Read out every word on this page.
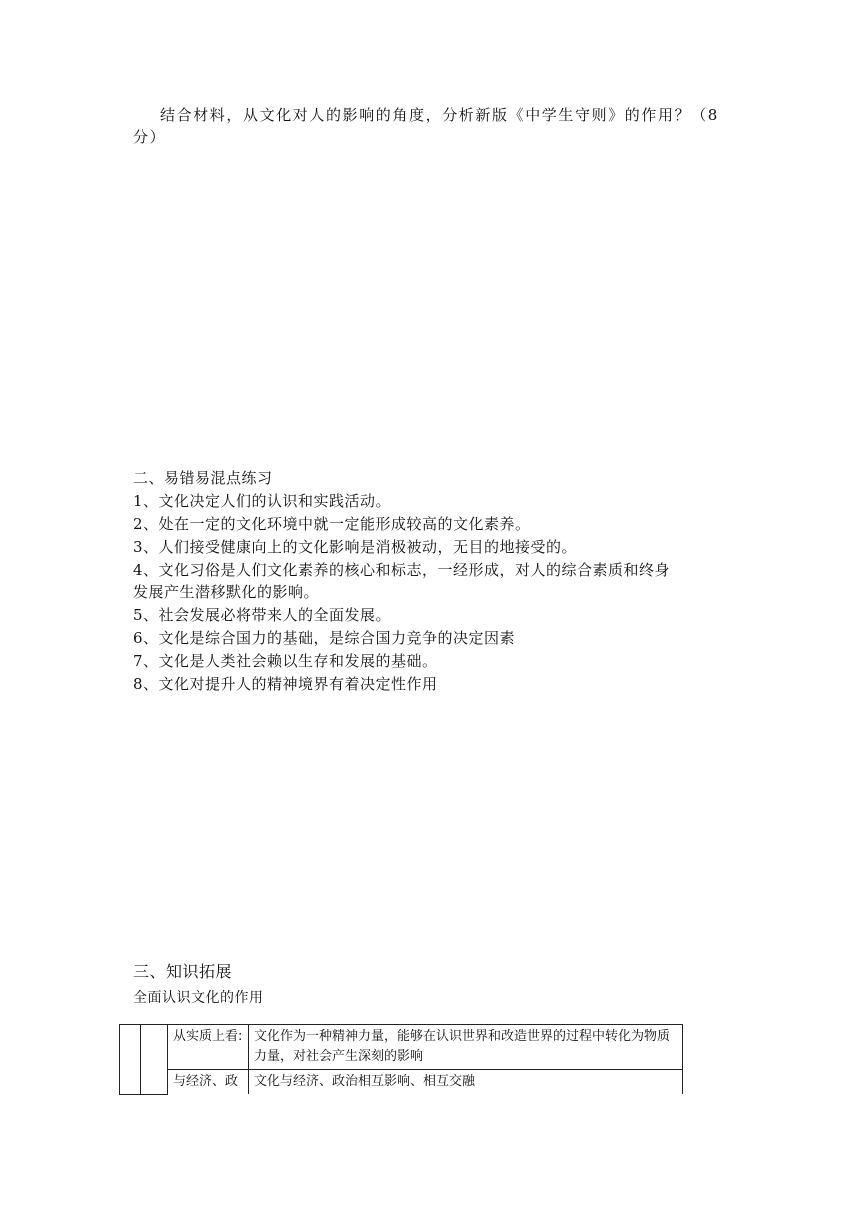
结合材料，从文化对人的影响的角度，分析新版《中学生守则》的作用？（8
分）
二、易错易混点练习
1、文化决定人们的认识和实践活动。
2、处在一定的文化环境中就一定能形成较高的文化素养。
3、人们接受健康向上的文化影响是消极被动，无目的地接受的。
4、文化习俗是人们文化素养的核心和标志，一经形成，对人的综合素质和终身
发展产生潜移默化的影响。
5、社会发展必将带来人的全面发展。
6、文化是综合国力的基础，是综合国力竞争的决定因素
7、文化是人类社会赖以生存和发展的基础。
8、文化对提升人的精神境界有着决定性作用
三、知识拓展
全面认识文化的作用
		从实质上看:	文化作为一种精神力量，能够在认识世界和改造世界的过程中转化为物质力量，对社会产生深刻的影响
		与经济、政	文化与经济、政治相互影响、相互交融
